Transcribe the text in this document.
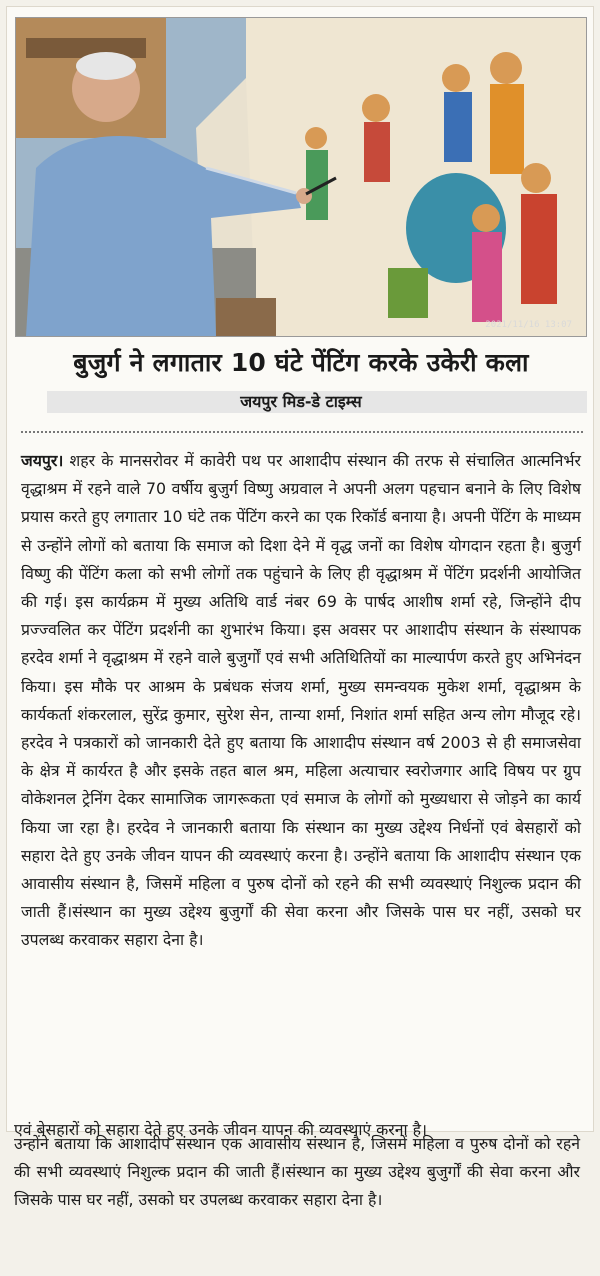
2021/11/16 13:07
बुजुर्ग ने लगातार 10 घंटे पेंटिंग करके उकेरी कला
जयपुर मिड-डे टाइम्स
जयपुर। शहर के मानसरोवर में कावेरी पथ पर आशादीप संस्थान की तरफ से संचालित आत्मनिर्भर वृद्धाश्रम में रहने वाले 70 वर्षीय बुजुर्ग विष्णु अग्रवाल ने अपनी अलग पहचान बनाने के लिए विशेष प्रयास करते हुए लगातार 10 घंटे तक पेंटिंग करने का एक रिकॉर्ड बनाया है। अपनी पेंटिंग के माध्यम से उन्होंने लोगों को बताया कि समाज को दिशा देने में वृद्ध जनों का विशेष योगदान रहता है। बुजुर्ग विष्णु की पेंटिंग कला को सभी लोगों तक पहुंचाने के लिए ही वृद्धाश्रम में पेंटिंग प्रदर्शनी आयोजित की गई। इस कार्यक्रम में मुख्य अतिथि वार्ड नंबर 69 के पार्षद आशीष शर्मा रहे, जिन्होंने दीप प्रज्ज्वलित कर पेंटिंग प्रदर्शनी का शुभारंभ किया। इस अवसर पर आशादीप संस्थान के संस्थापक हरदेव शर्मा ने वृद्धाश्रम में रहने वाले बुजुर्गों एवं सभी अतिथितियों का माल्यार्पण करते हुए अभिनंदन किया। इस मौके पर आश्रम के प्रबंधक संजय शर्मा, मुख्य समन्वयक मुकेश शर्मा, वृद्धाश्रम के कार्यकर्ता शंकरलाल, सुरेंद्र कुमार, सुरेश सेन, तान्या शर्मा, निशांत शर्मा सहित अन्य लोग मौजूद रहे। हरदेव ने पत्रकारों को जानकारी देते हुए बताया कि आशादीप संस्थान वर्ष 2003 से ही समाजसेवा के क्षेत्र में कार्यरत है और इसके तहत बाल श्रम, महिला अत्याचार स्वरोजगार आदि विषय पर ग्रुप वोकेशनल ट्रेनिंग देकर सामाजिक जागरूकता एवं समाज के लोगों को मुख्यधारा से जोड़ने का कार्य किया जा रहा है। हरदेव ने जानकारी बताया कि संस्थान का मुख्य उद्देश्य निर्धनों एवं बेसहारों को सहारा देते हुए उनके जीवन यापन की व्यवस्थाएं करना है। उन्होंने बताया कि आशादीप संस्थान एक आवासीय संस्थान है, जिसमें महिला व पुरुष दोनों को रहने की सभी व्यवस्थाएं निशुल्क प्रदान की जाती हैं।संस्थान का मुख्य उद्देश्य बुजुर्गों की सेवा करना और जिसके पास घर नहीं, उसको घर उपलब्ध करवाकर सहारा देना है।
एवं बेसहारों को सहारा देते हुए उनके जीवन यापन की व्यवस्थाएं करना है।
उन्होंने बताया कि आशादीप संस्थान एक आवासीय संस्थान है, जिसमें महिला व पुरुष दोनों को रहने की सभी व्यवस्थाएं निशुल्क प्रदान की जाती हैं।संस्थान का मुख्य उद्देश्य बुजुर्गों की सेवा करना और जिसके पास घर नहीं, उसको घर उपलब्ध करवाकर सहारा देना है।
